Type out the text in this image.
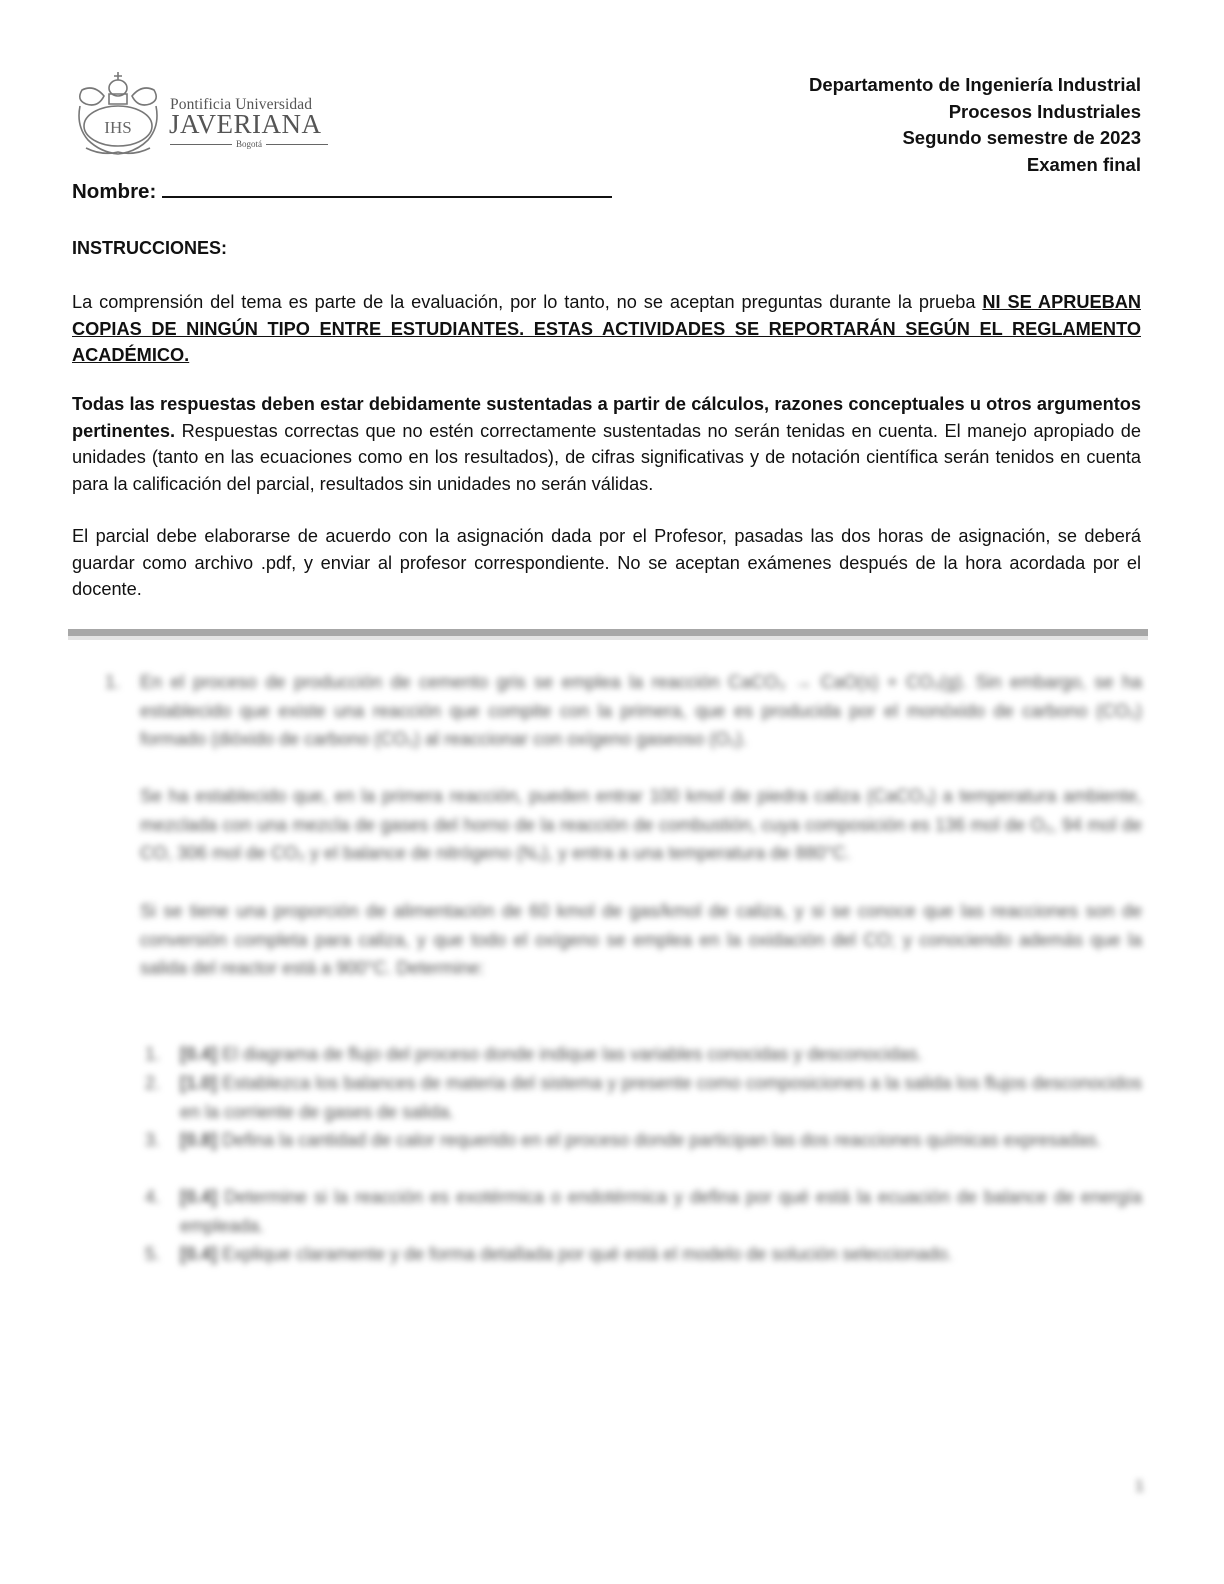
IHS
Pontificia Universidad
JAVERIANA
Bogotá
Departamento de Ingeniería Industrial
Procesos Industriales
Segundo semestre de 2023
Examen final
Nombre:
INSTRUCCIONES:
La comprensión del tema es parte de la evaluación, por lo tanto, no se aceptan preguntas durante la prueba NI SE APRUEBAN COPIAS DE NINGÚN TIPO ENTRE ESTUDIANTES. ESTAS ACTIVIDADES SE REPORTARÁN SEGÚN EL REGLAMENTO ACADÉMICO.
Todas las respuestas deben estar debidamente sustentadas a partir de cálculos, razones conceptuales u otros argumentos pertinentes. Respuestas correctas que no estén correctamente sustentadas no serán tenidas en cuenta. El manejo apropiado de unidades (tanto en las ecuaciones como en los resultados), de cifras significativas y de notación científica serán tenidos en cuenta para la calificación del parcial, resultados sin unidades no serán válidas.
El parcial debe elaborarse de acuerdo con la asignación dada por el Profesor, pasadas las dos horas de asignación, se deberá guardar como archivo .pdf, y enviar al profesor correspondiente. No se aceptan exámenes después de la hora acordada por el docente.
1. En el proceso de producción de cemento gris se emplea la reacción CaCO₃ → CaO(s) + CO₂(g). Sin embargo, se ha establecido que existe una reacción que compite con la primera, que es producida por el monóxido de carbono (CO₂) formado (dióxido de carbono (CO₂) al reaccionar con oxígeno gaseoso (O₂).
Se ha establecido que, en la primera reacción, pueden entrar 100 kmol de piedra caliza (CaCO₃) a temperatura ambiente, mezclada con una mezcla de gases del horno de la reacción de combustión, cuya composición es 136 mol de O₂, 94 mol de CO, 306 mol de CO₂ y el balance de nitrógeno (N₂), y entra a una temperatura de 880°C.
Si se tiene una proporción de alimentación de 60 kmol de gas/kmol de caliza, y si se conoce que las reacciones son de conversión completa para caliza, y que todo el oxígeno se emplea en la oxidación del CO; y conociendo además que la salida del reactor está a 900°C. Determine:
1. [0.4] El diagrama de flujo del proceso donde indique las variables conocidas y desconocidas.
2. [1.0] Establezca los balances de materia del sistema y presente como composiciones a la salida los flujos desconocidos en la corriente de gases de salida.
3. [0.8] Defina la cantidad de calor requerido en el proceso donde participan las dos reacciones químicas expresadas.
4. [0.4] Determine si la reacción es exotérmica o endotérmica y defina por qué está la ecuación de balance de energía empleada.
5. [0.4] Explique claramente y de forma detallada por qué está el modelo de solución seleccionado.
1
